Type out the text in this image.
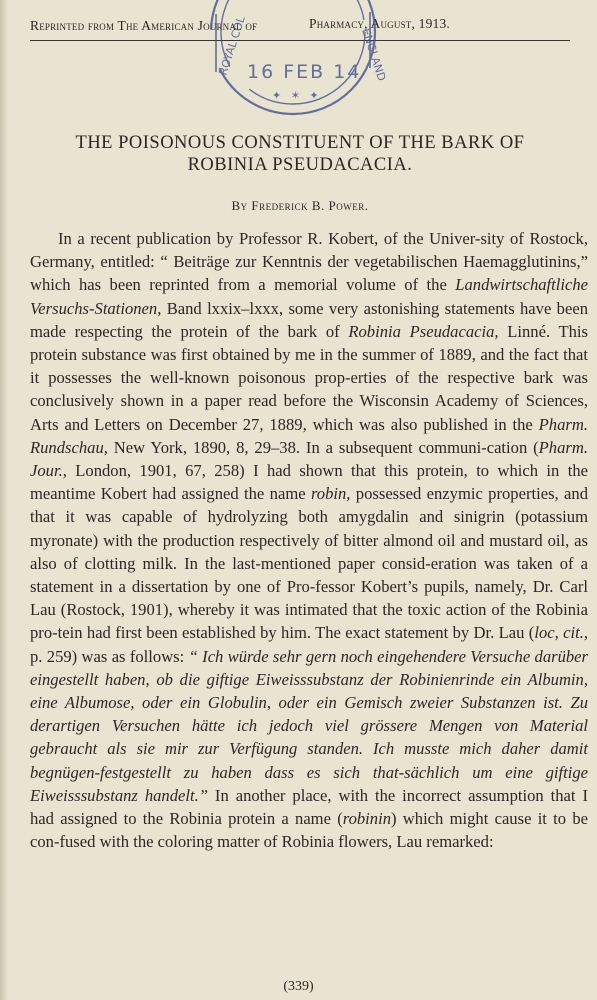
Reprinted from The American Journal of	Pharmacy, August, 1913.
ROYAL COL	ENGLAND
16 FEB 14
✦ ✶ ✦
THE POISONOUS CONSTITUENT OF THE BARK OF
ROBINIA PSEUDACACIA.
By Frederick B. Power.

In a recent publication by Professor R. Kobert, of the Univer-sity of Rostock, Germany, entitled: “ Beiträge zur Kenntnis der vegetabilischen Haemagglutinins,” which has been reprinted from a memorial volume of the Landwirtschaftliche Versuchs-Stationen, Band lxxix–lxxx, some very astonishing statements have been made respecting the protein of the bark of Robinia Pseudacacia, Linné. This protein substance was first obtained by me in the summer of 1889, and the fact that it possesses the well-known poisonous prop-erties of the respective bark was conclusively shown in a paper read before the Wisconsin Academy of Sciences, Arts and Letters on December 27, 1889, which was also published in the Pharm. Rundschau, New York, 1890, 8, 29–38. In a subsequent communi-cation (Pharm. Jour., London, 1901, 67, 258) I had shown that this protein, to which in the meantime Kobert had assigned the name robin, possessed enzymic properties, and that it was capable of hydrolyzing both amygdalin and sinigrin (potassium myronate) with the production respectively of bitter almond oil and mustard oil, as also of clotting milk. In the last-mentioned paper consid-eration was taken of a statement in a dissertation by one of Pro-fessor Kobert’s pupils, namely, Dr. Carl Lau (Rostock, 1901), whereby it was intimated that the toxic action of the Robinia pro-tein had first been established by him. The exact statement by Dr. Lau (loc, cit., p. 259) was as follows: “ Ich würde sehr gern noch eingehendere Versuche darüber eingestellt haben, ob die giftige Eiweisssubstanz der Robinienrinde ein Albumin, eine Albumose, oder ein Globulin, oder ein Gemisch zweier Substanzen ist. Zu derartigen Versuchen hätte ich jedoch viel grössere Mengen von Material gebraucht als sie mir zur Verfügung standen. Ich musste mich daher damit begnügen-festgestellt zu haben dass es sich that-sächlich um eine giftige Eiweisssubstanz handelt.” In another place, with the incorrect assumption that I had assigned to the Robinia protein a name (robinin) which might cause it to be con-fused with the coloring matter of Robinia flowers, Lau remarked:

(339)
